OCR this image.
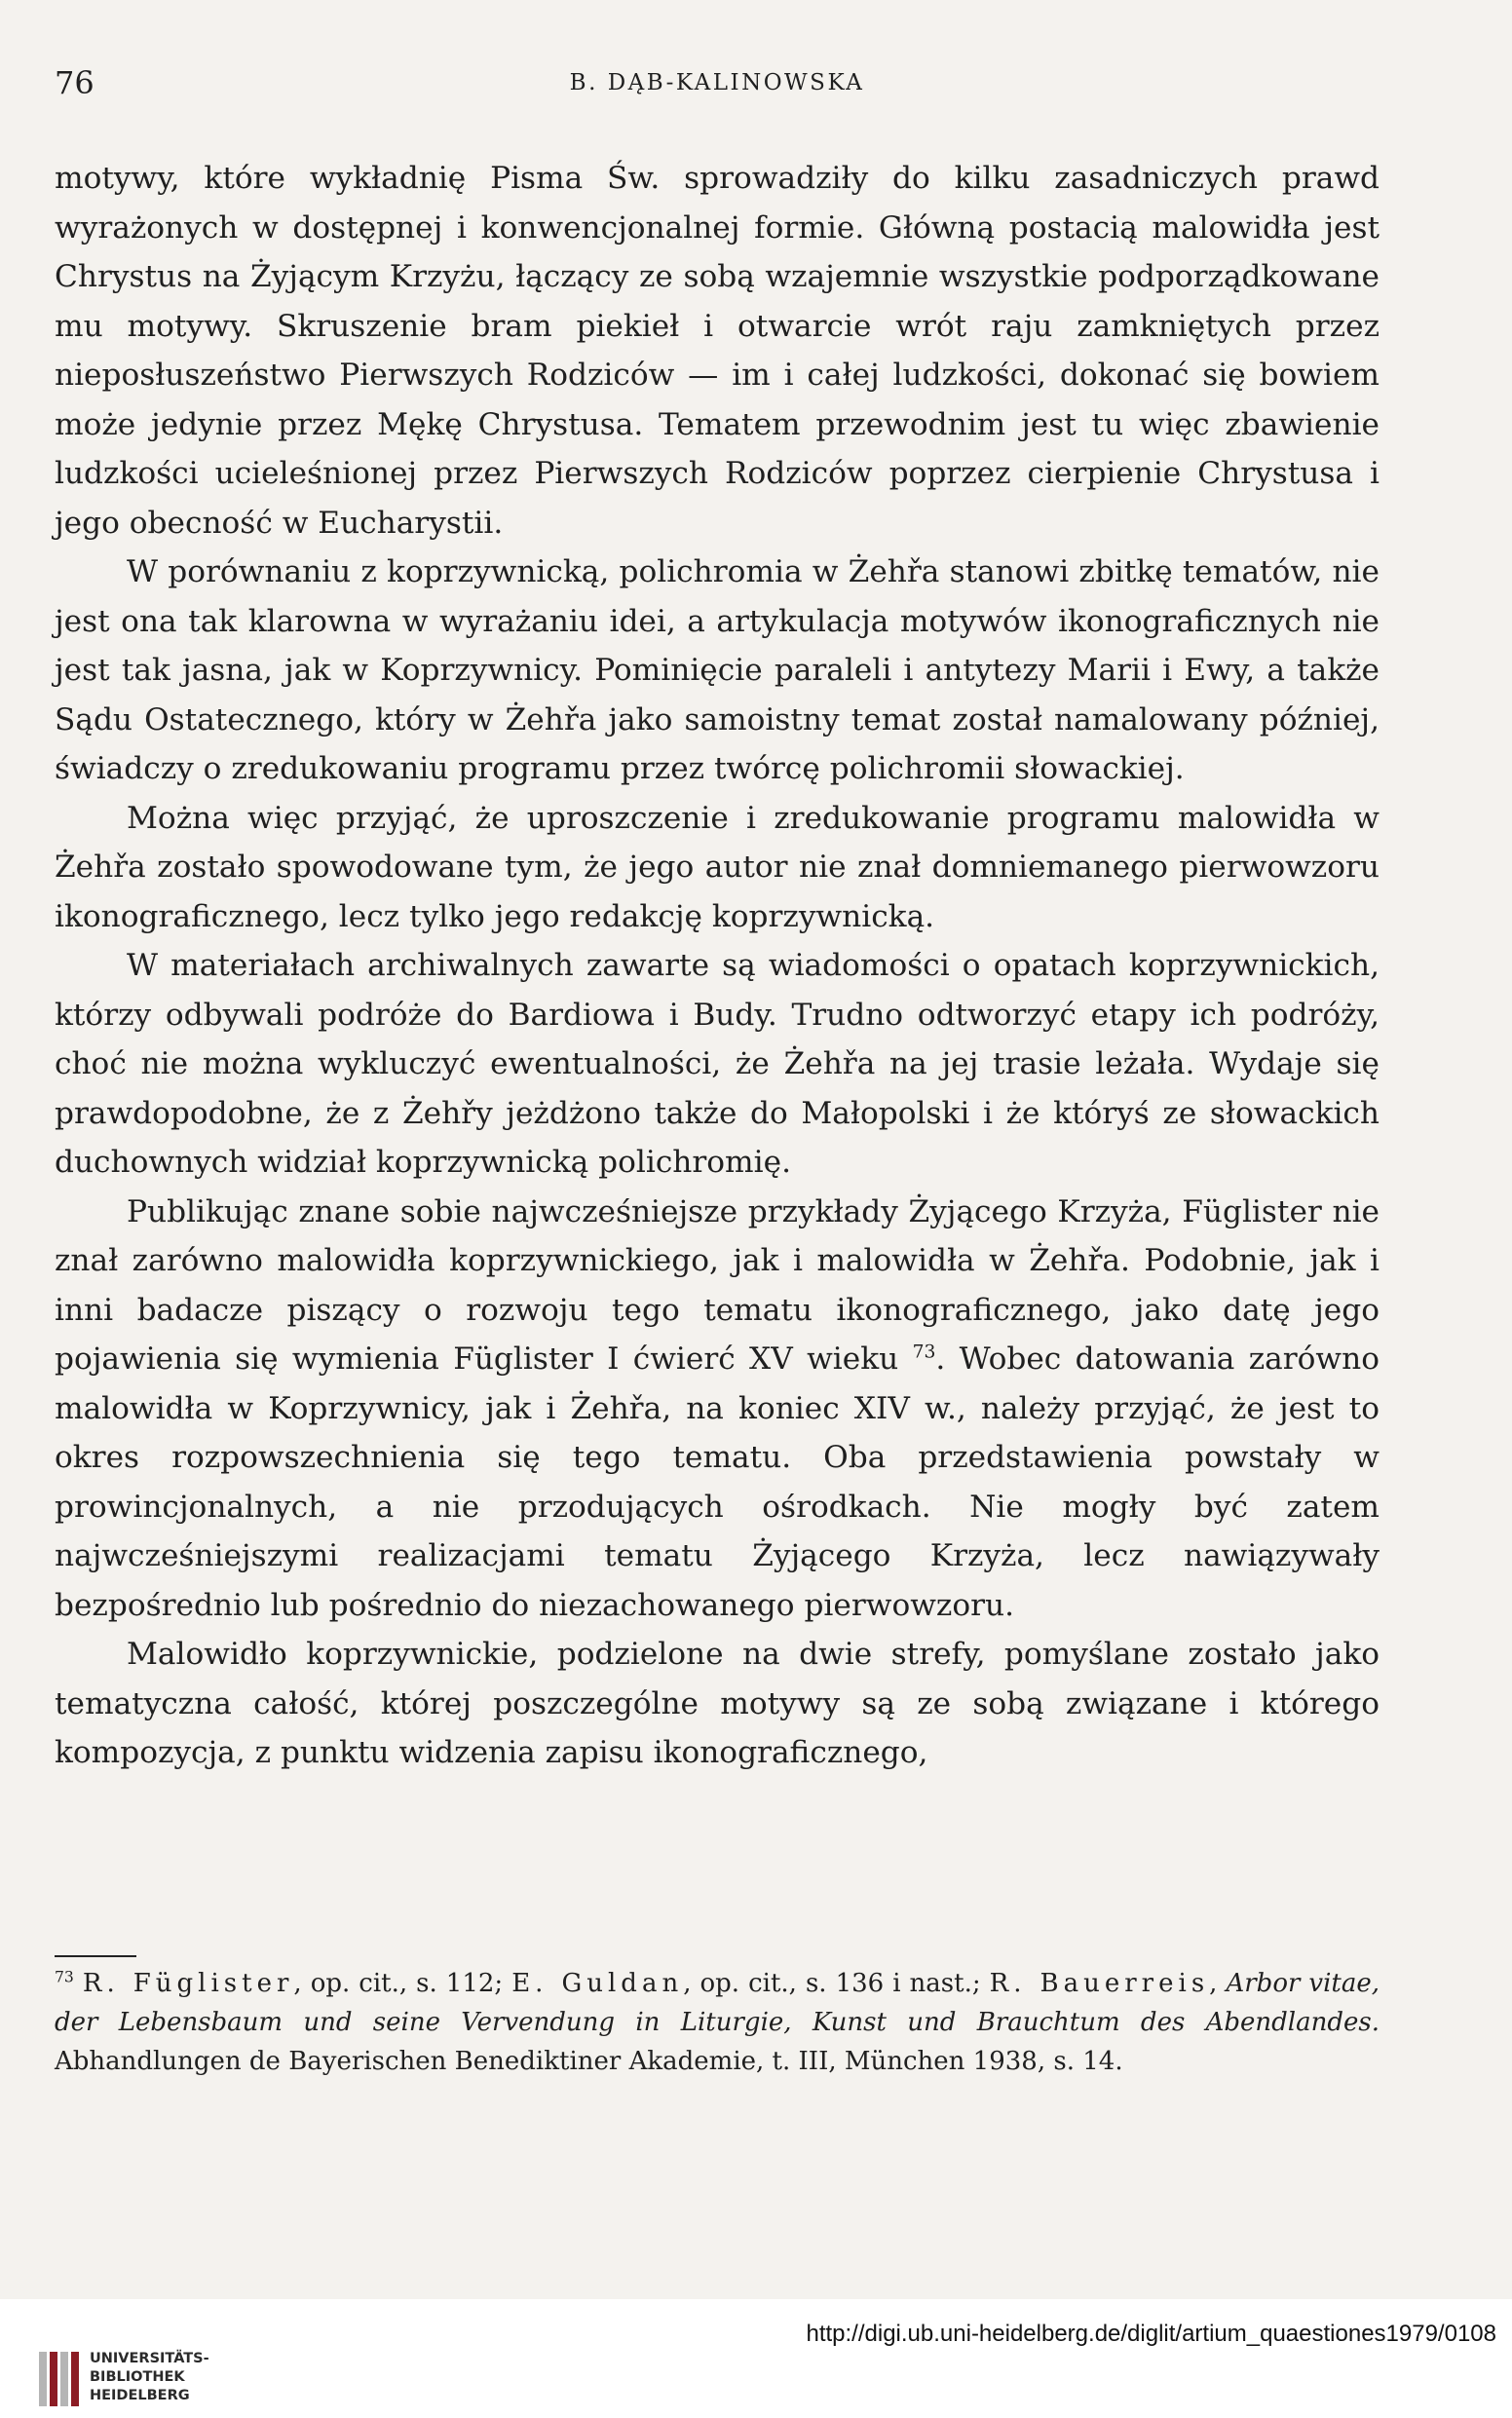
76	B. DĄB-KALINOWSKA

motywy, które wykładnię Pisma Św. sprowadziły do kilku zasadniczych prawd wyrażonych w dostępnej i konwencjonalnej formie. Główną postacią malowidła jest Chrystus na Żyjącym Krzyżu, łączący ze sobą wzajemnie wszystkie podporządkowane mu motywy. Skruszenie bram piekieł i otwarcie wrót raju zamkniętych przez nieposłuszeństwo Pierwszych Rodziców — im i całej ludzkości, dokonać się bowiem może jedynie przez Mękę Chrystusa. Tematem przewodnim jest tu więc zbawienie ludzkości ucieleśnionej przez Pierwszych Rodziców poprzez cierpienie Chrystusa i jego obecność w Eucharystii.

W porównaniu z koprzywnicką, polichromia w Żehřa stanowi zbitkę tematów, nie jest ona tak klarowna w wyrażaniu idei, a artykulacja motywów ikonograficznych nie jest tak jasna, jak w Koprzywnicy. Pominięcie paraleli i antytezy Marii i Ewy, a także Sądu Ostatecznego, który w Żehřa jako samoistny temat został namalowany później, świadczy o zredukowaniu programu przez twórcę polichromii słowackiej.

Można więc przyjąć, że uproszczenie i zredukowanie programu malowidła w Żehřa zostało spowodowane tym, że jego autor nie znał domniemanego pierwowzoru ikonograficznego, lecz tylko jego redakcję koprzywnicką.

W materiałach archiwalnych zawarte są wiadomości o opatach koprzywnickich, którzy odbywali podróże do Bardiowa i Budy. Trudno odtworzyć etapy ich podróży, choć nie można wykluczyć ewentualności, że Żehřa na jej trasie leżała. Wydaje się prawdopodobne, że z Żehřy jeżdżono także do Małopolski i że któryś ze słowackich duchownych widział koprzywnicką polichromię.

Publikując znane sobie najwcześniejsze przykłady Żyjącego Krzyża, Füglister nie znał zarówno malowidła koprzywnickiego, jak i malowidła w Żehřa. Podobnie, jak i inni badacze piszący o rozwoju tego tematu ikonograficznego, jako datę jego pojawienia się wymienia Füglister I ćwierć XV wieku $^{73}$. Wobec datowania zarówno malowidła w Koprzywnicy, jak i Żehřa, na koniec XIV w., należy przyjąć, że jest to okres rozpowszechnienia się tego tematu. Oba przedstawienia powstały w prowincjonalnych, a nie przodujących ośrodkach. Nie mogły być zatem najwcześniejszymi realizacjami tematu Żyjącego Krzyża, lecz nawiązywały bezpośrednio lub pośrednio do niezachowanego pierwowzoru.

Malowidło koprzywnickie, podzielone na dwie strefy, pomyślane zostało jako tematyczna całość, której poszczególne motywy są ze sobą związane i którego kompozycja, z punktu widzenia zapisu ikonograficznego,

$^{73}$ R. Füglister, op. cit., s. 112; E. Guldan, op. cit., s. 136 i nast.; R. Bauerreis, Arbor vitae, der Lebensbaum und seine Vervendung in Liturgie, Kunst und Brauchtum des Abendlandes. Abhandlungen de Bayerischen Benediktiner Akademie, t. III, München 1938, s. 14.
UNIVERSITÄTS-
BIBLIOTHEK
HEIDELBERG
http://digi.ub.uni-heidelberg.de/diglit/artium_quaestiones1979/0108
